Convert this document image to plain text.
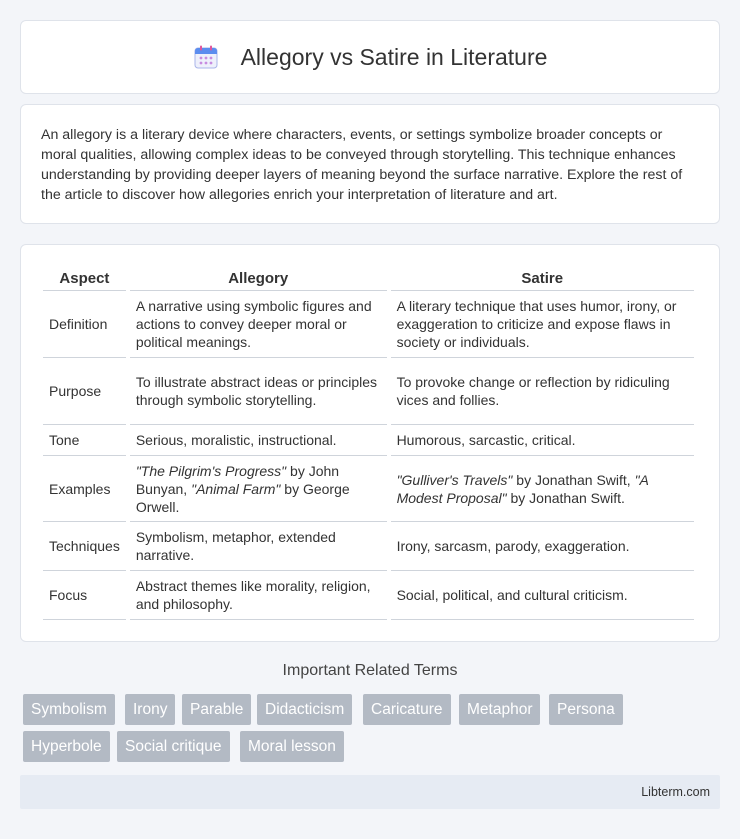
Allegory vs Satire in Literature

An allegory is a literary device where characters, events, or settings symbolize broader concepts or moral qualities, allowing complex ideas to be conveyed through storytelling. This technique enhances understanding by providing deeper layers of meaning beyond the surface narrative. Explore the rest of the article to discover how allegories enrich your interpretation of literature and art.

Aspect	Allegory	Satire
Definition	A narrative using symbolic figures and actions to convey deeper moral or political meanings.	A literary technique that uses humor, irony, or exaggeration to criticize and expose flaws in society or individuals.
Purpose	To illustrate abstract ideas or principles through symbolic storytelling.	To provoke change or reflection by ridiculing vices and follies.
Tone	Serious, moralistic, instructional.	Humorous, sarcastic, critical.
Examples	"The Pilgrim's Progress" by John Bunyan, "Animal Farm" by George Orwell.	"Gulliver's Travels" by Jonathan Swift, "A Modest Proposal" by Jonathan Swift.
Techniques	Symbolism, metaphor, extended narrative.	Irony, sarcasm, parody, exaggeration.
Focus	Abstract themes like morality, religion, and philosophy.	Social, political, and cultural criticism.
Important Related Terms
Symbolism	Irony	Parable	Didacticism	Caricature	Metaphor	Persona
Hyperbole	Social critique	Moral lesson
Libterm.com
